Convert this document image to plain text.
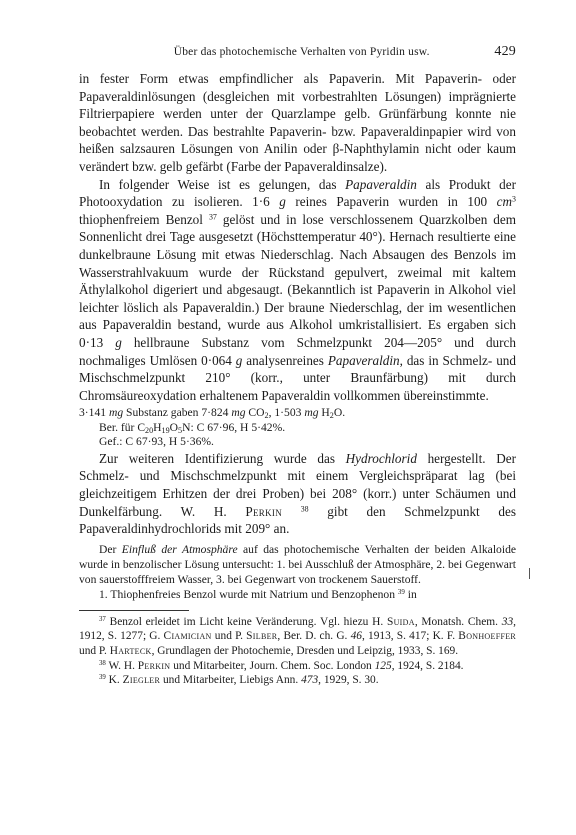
Über das photochemische Verhalten von Pyridin usw.	429

in fester Form etwas empfindlicher als Papaverin. Mit Papaverin- oder Papaveraldinlösungen (desgleichen mit vorbestrahlten Lösungen) imprägnierte Filtrierpapiere werden unter der Quarzlampe gelb. Grünfärbung konnte nie beobachtet werden. Das bestrahlte Papaverin- bzw. Papaveraldinpapier wird von heißen salzsauren Lösungen von Anilin oder β-Naphthylamin nicht oder kaum verändert bzw. gelb gefärbt (Farbe der Papaveraldinsalze).

In folgender Weise ist es gelungen, das Papaveraldin als Produkt der Photooxydation zu isolieren. 1·6 g reines Papaverin wurden in 100 $cm^3$ thiophenfreiem Benzol $^{37}$ gelöst und in lose verschlossenem Quarzkolben dem Sonnenlicht drei Tage ausgesetzt (Höchsttemperatur 40°). Hernach resultierte eine dunkelbraune Lösung mit etwas Niederschlag. Nach Absaugen des Benzols im Wasserstrahlvakuum wurde der Rückstand gepulvert, zweimal mit kaltem Äthylalkohol digeriert und abgesaugt. (Bekanntlich ist Papaverin in Alkohol viel leichter löslich als Papaveraldin.) Der braune Niederschlag, der im wesentlichen aus Papaveraldin bestand, wurde aus Alkohol umkristallisiert. Es ergaben sich 0·13 g hellbraune Substanz vom Schmelzpunkt 204—205° und durch nochmaliges Umlösen 0·064 g analysenreines Papaveraldin, das in Schmelz- und Mischschmelzpunkt 210° (korr., unter Braunfärbung) mit durch Chromsäureoxydation erhaltenem Papaveraldin vollkommen übereinstimmte.

3·141 mg Substanz gaben 7·824 mg $CO_2$, 1·503 mg $H_2O$.
Ber. für $C_{20}H_{19}O_5N$: C 67·96, H 5·42%.
Gef.: C 67·93, H 5·36%.

Zur weiteren Identifizierung wurde das Hydrochlorid hergestellt. Der Schmelz- und Mischschmelzpunkt mit einem Vergleichspräparat lag (bei gleichzeitigem Erhitzen der drei Proben) bei 208° (korr.) unter Schäumen und Dunkelfärbung. W. H. Perkin $^{38}$ gibt den Schmelzpunkt des Papaveraldinhydrochlorids mit 209° an.

Der Einfluß der Atmosphäre auf das photochemische Verhalten der beiden Alkaloide wurde in benzolischer Lösung untersucht: 1. bei Ausschluß der Atmosphäre, 2. bei Gegenwart von sauerstofffreiem Wasser, 3. bei Gegenwart von trockenem Sauerstoff.

1. Thiophenfreies Benzol wurde mit Natrium und Benzophenon $^{39}$ in

$^{37}$ Benzol erleidet im Licht keine Veränderung. Vgl. hiezu H. Suida, Monatsh. Chem. 33, 1912, S. 1277; G. Ciamician und P. Silber, Ber. D. ch. G. 46, 1913, S. 417; K. F. Bonhoeffer und P. Harteck, Grundlagen der Photochemie, Dresden und Leipzig, 1933, S. 169.

$^{38}$ W. H. Perkin und Mitarbeiter, Journ. Chem. Soc. London 125, 1924, S. 2184.

$^{39}$ K. Ziegler und Mitarbeiter, Liebigs Ann. 473, 1929, S. 30.
